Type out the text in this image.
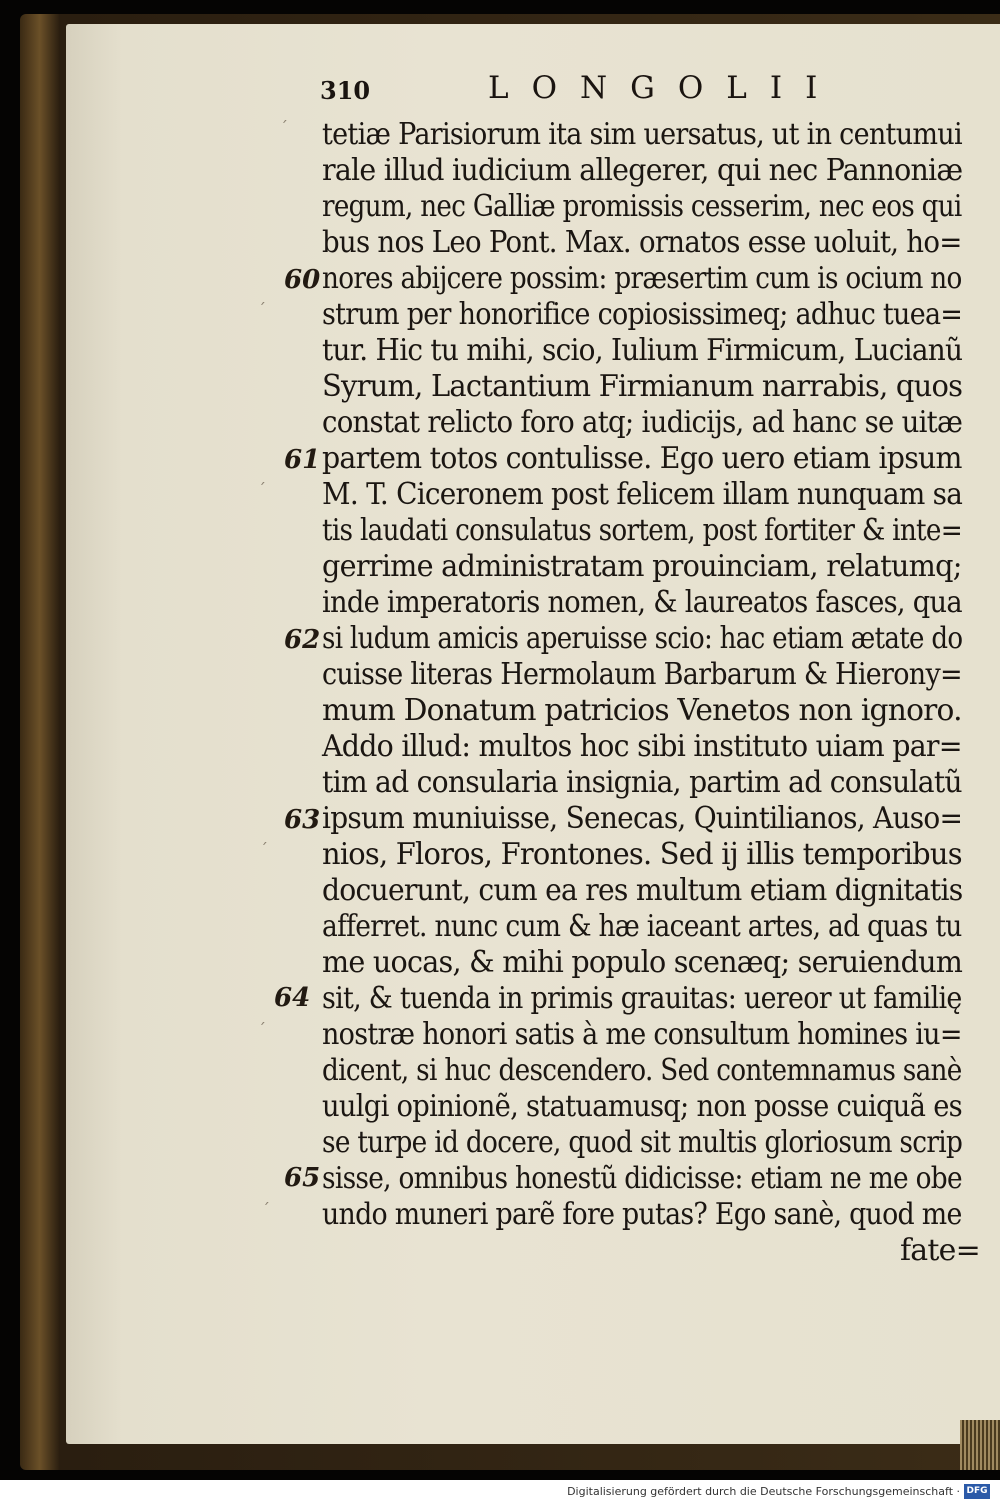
310	LONGOLII
tetiæ Parisiorum ita sim uersatus, ut in centumui
rale illud iudicium allegerer, qui nec Pannoniæ
regum, nec Galliæ promissis cesserim, nec eos qui
bus nos Leo Pont. Max. ornatos esse uoluit, ho=
nores abijcere possim: præsertim cum is ocium no
strum per honorifice copiosissimeq; adhuc tuea=
tur. Hic tu mihi, scio, Iulium Firmicum, Lucianũ
Syrum, Lactantium Firmianum narrabis, quos
constat relicto foro atq; iudicijs, ad hanc se uitæ
partem totos contulisse. Ego uero etiam ipsum
M. T. Ciceronem post felicem illam nunquam sa
tis laudati consulatus sortem, post fortiter & inte=
gerrime administratam prouinciam, relatumq;
inde imperatoris nomen, & laureatos fasces, qua
si ludum amicis aperuisse scio: hac etiam ætate do
cuisse literas Hermolaum Barbarum & Hierony=
mum Donatum patricios Venetos non ignoro.
Addo illud: multos hoc sibi instituto uiam par=
tim ad consularia insignia, partim ad consulatũ
ipsum muniuisse, Senecas, Quintilianos, Auso=
nios, Floros, Frontones. Sed ij illis temporibus
docuerunt, cum ea res multum etiam dignitatis
afferret. nunc cum & hæ iaceant artes, ad quas tu
me uocas, & mihi populo scenæq; seruiendum
sit, & tuenda in primis grauitas: uereor ut familię
nostræ honori satis à me consultum homines iu=
dicent, si huc descendero. Sed contemnamus sanè
uulgi opinionẽ, statuamusq; non posse cuiquã es
se turpe id docere, quod sit multis gloriosum scrip
sisse, omnibus honestũ didicisse: etiam ne me obe
undo muneri parẽ fore putas? Ego sanè, quod me
fate=
60
61
62
63
64
65
ˊ
ˊ
ˊ
ˊ
ˊ
ˊ
Digitalisierung gefördert durch die Deutsche Forschungsgemeinschaft · DFG
